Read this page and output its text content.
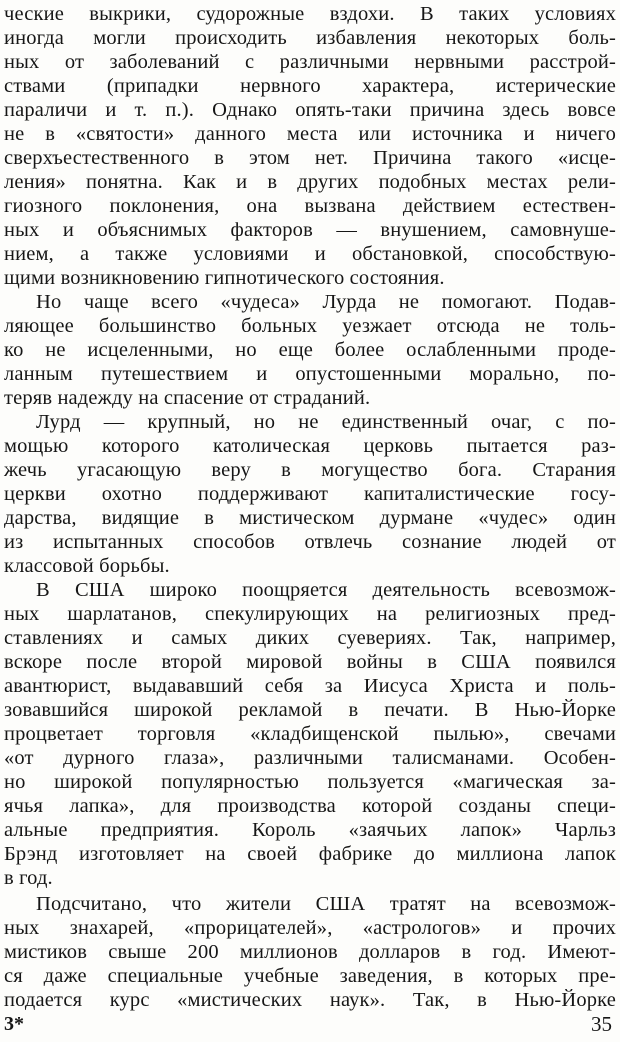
ческие выкрики, судорожные вздохи. В таких условиях
иногда могли происходить избавления некоторых боль-
ных от заболеваний с различными нервными расстрой-
ствами (припадки нервного характера, истерические
параличи и т. п.). Однако опять-таки причина здесь вовсе
не в «святости» данного места или источника и ничего
сверхъестественного в этом нет. Причина такого «исце-
ления» понятна. Как и в других подобных местах рели-
гиозного поклонения, она вызвана действием естествен-
ных и объяснимых факторов — внушением, самовнуше-
нием, а также условиями и обстановкой, способствую-
щими возникновению гипнотического состояния.
Но чаще всего «чудеса» Лурда не помогают. Подав-
ляющее большинство больных уезжает отсюда не толь-
ко не исцеленными, но еще более ослабленными проде-
ланным путешествием и опустошенными морально, по-
теряв надежду на спасение от страданий.
Лурд — крупный, но не единственный очаг, с по-
мощью которого католическая церковь пытается раз-
жечь угасающую веру в могущество бога. Старания
церкви охотно поддерживают капиталистические госу-
дарства, видящие в мистическом дурмане «чудес» один
из испытанных способов отвлечь сознание людей от
классовой борьбы.
В США широко поощряется деятельность всевозмож-
ных шарлатанов, спекулирующих на религиозных пред-
ставлениях и самых диких суевериях. Так, например,
вскоре после второй мировой войны в США появился
авантюрист, выдававший себя за Иисуса Христа и поль-
зовавшийся широкой рекламой в печати. В Нью-Йорке
процветает торговля «кладбищенской пылью», свечами
«от дурного глаза», различными талисманами. Особен-
но широкой популярностью пользуется «магическая за-
ячья лапка», для производства которой созданы специ-
альные предприятия. Король «заячьих лапок» Чарльз
Брэнд изготовляет на своей фабрике до миллиона лапок
в год.
Подсчитано, что жители США тратят на всевозмож-
ных знахарей, «прорицателей», «астрологов» и прочих
мистиков свыше 200 миллионов долларов в год. Имеют-
ся даже специальные учебные заведения, в которых пре-
подается курс «мистических наук». Так, в Нью-Йорке
3*	35
